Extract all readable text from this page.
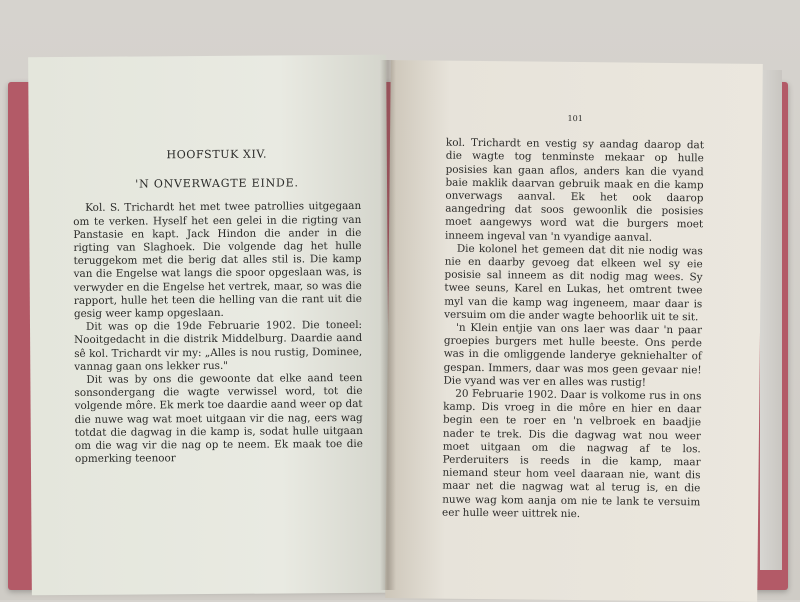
HOOFSTUK XIV.

'N ONVERWAGTE EINDE.

Kol. S. Trichardt het met twee patrollies uitgegaan om te verken. Hyself het een gelei in die rigting van Panstasie en kapt. Jack Hindon die ander in die rigting van Slaghoek. Die volgende dag het hulle teruggekom met die berig dat alles stil is. Die kamp van die Engelse wat langs die spoor opgeslaan was, is verwyder en die Engelse het vertrek, maar, so was die rapport, hulle het teen die helling van die rant uit die gesig weer kamp opgeslaan.

Dit was op die 19de Februarie 1902. Die toneel: Nooitgedacht in die distrik Middelburg. Daardie aand sê kol. Trichardt vir my: „Alles is nou rustig, Dominee, vannag gaan ons lekker rus."

Dit was by ons die gewoonte dat elke aand teen sonsondergang die wagte verwissel word, tot die volgende môre. Ek merk toe daardie aand weer op dat die nuwe wag wat moet uitgaan vir die nag, eers wag totdat die dagwag in die kamp is, sodat hulle uitgaan om die wag vir die nag op te neem. Ek maak toe die opmerking teenoor

101

kol. Trichardt en vestig sy aandag daarop dat die wagte tog tenminste mekaar op hulle posisies kan gaan aflos, anders kan die vyand baie maklik daarvan gebruik maak en die kamp onverwags aanval. Ek het ook daarop aangedring dat soos gewoonlik die posisies moet aangewys word wat die burgers moet inneem ingeval van 'n vyandige aanval.

Die kolonel het gemeen dat dit nie nodig was nie en daarby gevoeg dat elkeen wel sy eie posisie sal inneem as dit nodig mag wees. Sy twee seuns, Karel en Lukas, het omtrent twee myl van die kamp wag ingeneem, maar daar is versuim om die ander wagte behoorlik uit te sit.

'n Klein entjie van ons laer was daar 'n paar groepies burgers met hulle beeste. Ons perde was in die omliggende landerye gekniehalter of gespan. Immers, daar was mos geen gevaar nie! Die vyand was ver en alles was rustig!

20 Februarie 1902. Daar is volkome rus in ons kamp. Dis vroeg in die môre en hier en daar begin een te roer en 'n velbroek en baadjie nader te trek. Dis die dagwag wat nou weer moet uitgaan om die nagwag af te los. Perderuiters is reeds in die kamp, maar niemand steur hom veel daaraan nie, want dis maar net die nagwag wat al terug is, en die nuwe wag kom aanja om nie te lank te versuim eer hulle weer uittrek nie.
